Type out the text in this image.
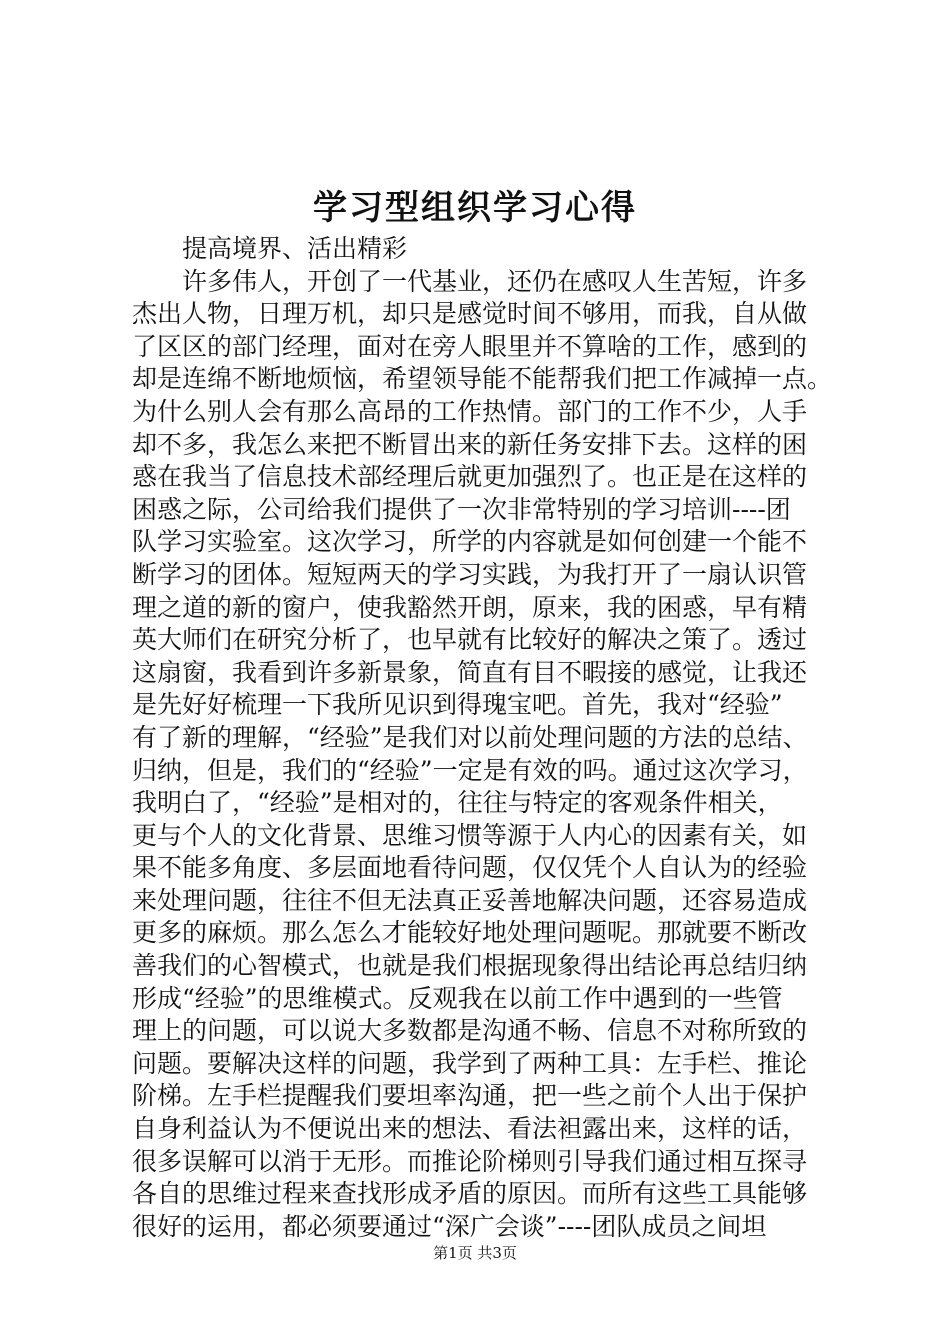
学习型组织学习心得
提高境界、活出精彩
许多伟人，开创了一代基业，还仍在感叹人生苦短，许多
杰出人物，日理万机，却只是感觉时间不够用，而我，自从做
了区区的部门经理，面对在旁人眼里并不算啥的工作，感到的
却是连绵不断地烦恼，希望领导能不能帮我们把工作减掉一点。
为什么别人会有那么高昂的工作热情。部门的工作不少，人手
却不多，我怎么来把不断冒出来的新任务安排下去。这样的困
惑在我当了信息技术部经理后就更加强烈了。也正是在这样的
困惑之际，公司给我们提供了一次非常特别的学习培训----团
队学习实验室。这次学习，所学的内容就是如何创建一个能不
断学习的团体。短短两天的学习实践，为我打开了一扇认识管
理之道的新的窗户，使我豁然开朗，原来，我的困惑，早有精
英大师们在研究分析了，也早就有比较好的解决之策了。透过
这扇窗，我看到许多新景象，简直有目不暇接的感觉，让我还
是先好好梳理一下我所见识到得瑰宝吧。首先，我对“经验”
有了新的理解，“经验”是我们对以前处理问题的方法的总结、
归纳，但是，我们的“经验”一定是有效的吗。通过这次学习，
我明白了，“经验”是相对的，往往与特定的客观条件相关，
更与个人的文化背景、思维习惯等源于人内心的因素有关，如
果不能多角度、多层面地看待问题，仅仅凭个人自认为的经验
来处理问题，往往不但无法真正妥善地解决问题，还容易造成
更多的麻烦。那么怎么才能较好地处理问题呢。那就要不断改
善我们的心智模式，也就是我们根据现象得出结论再总结归纳
形成“经验”的思维模式。反观我在以前工作中遇到的一些管
理上的问题，可以说大多数都是沟通不畅、信息不对称所致的
问题。要解决这样的问题，我学到了两种工具：左手栏、推论
阶梯。左手栏提醒我们要坦率沟通，把一些之前个人出于保护
自身利益认为不便说出来的想法、看法袒露出来，这样的话，
很多误解可以消于无形。而推论阶梯则引导我们通过相互探寻
各自的思维过程来查找形成矛盾的原因。而所有这些工具能够
很好的运用，都必须要通过“深广会谈”----团队成员之间坦
第1页 共3页
